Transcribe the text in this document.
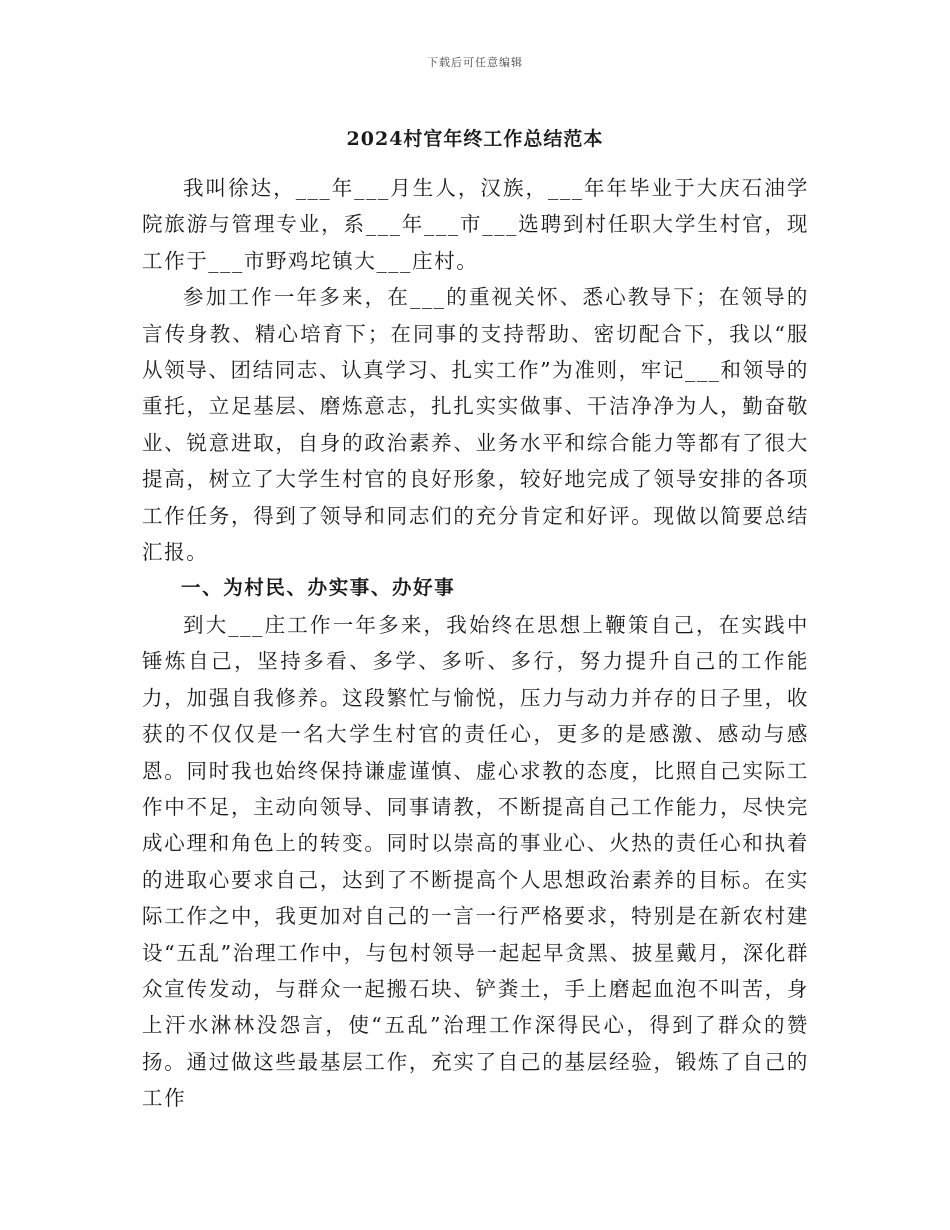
下载后可任意编辑
2024村官年终工作总结范本

我叫徐达，___年___月生人，汉族，___年年毕业于大庆石油学院旅游与管理专业，系___年___市___选聘到村任职大学生村官，现工作于___市野鸡坨镇大___庄村。

参加工作一年多来，在___的重视关怀、悉心教导下；在领导的言传身教、精心培育下；在同事的支持帮助、密切配合下，我以“服从领导、团结同志、认真学习、扎实工作”为准则，牢记___和领导的重托，立足基层、磨炼意志，扎扎实实做事、干洁净净为人，勤奋敬业、锐意进取，自身的政治素养、业务水平和综合能力等都有了很大提高，树立了大学生村官的良好形象，较好地完成了领导安排的各项工作任务，得到了领导和同志们的充分肯定和好评。现做以简要总结汇报。

一、为村民、办实事、办好事

到大___庄工作一年多来，我始终在思想上鞭策自己，在实践中锤炼自己，坚持多看、多学、多听、多行，努力提升自己的工作能力，加强自我修养。这段繁忙与愉悦，压力与动力并存的日子里，收获的不仅仅是一名大学生村官的责任心，更多的是感激、感动与感恩。同时我也始终保持谦虚谨慎、虚心求教的态度，比照自己实际工作中不足，主动向领导、同事请教，不断提高自己工作能力，尽快完成心理和角色上的转变。同时以崇高的事业心、火热的责任心和执着的进取心要求自己，达到了不断提高个人思想政治素养的目标。在实际工作之中，我更加对自己的一言一行严格要求，特别是在新农村建设“五乱”治理工作中，与包村领导一起起早贪黑、披星戴月，深化群众宣传发动，与群众一起搬石块、铲粪土，手上磨起血泡不叫苦，身上汗水淋林没怨言，使“五乱”治理工作深得民心，得到了群众的赞扬。通过做这些最基层工作，充实了自己的基层经验，锻炼了自己的工作
